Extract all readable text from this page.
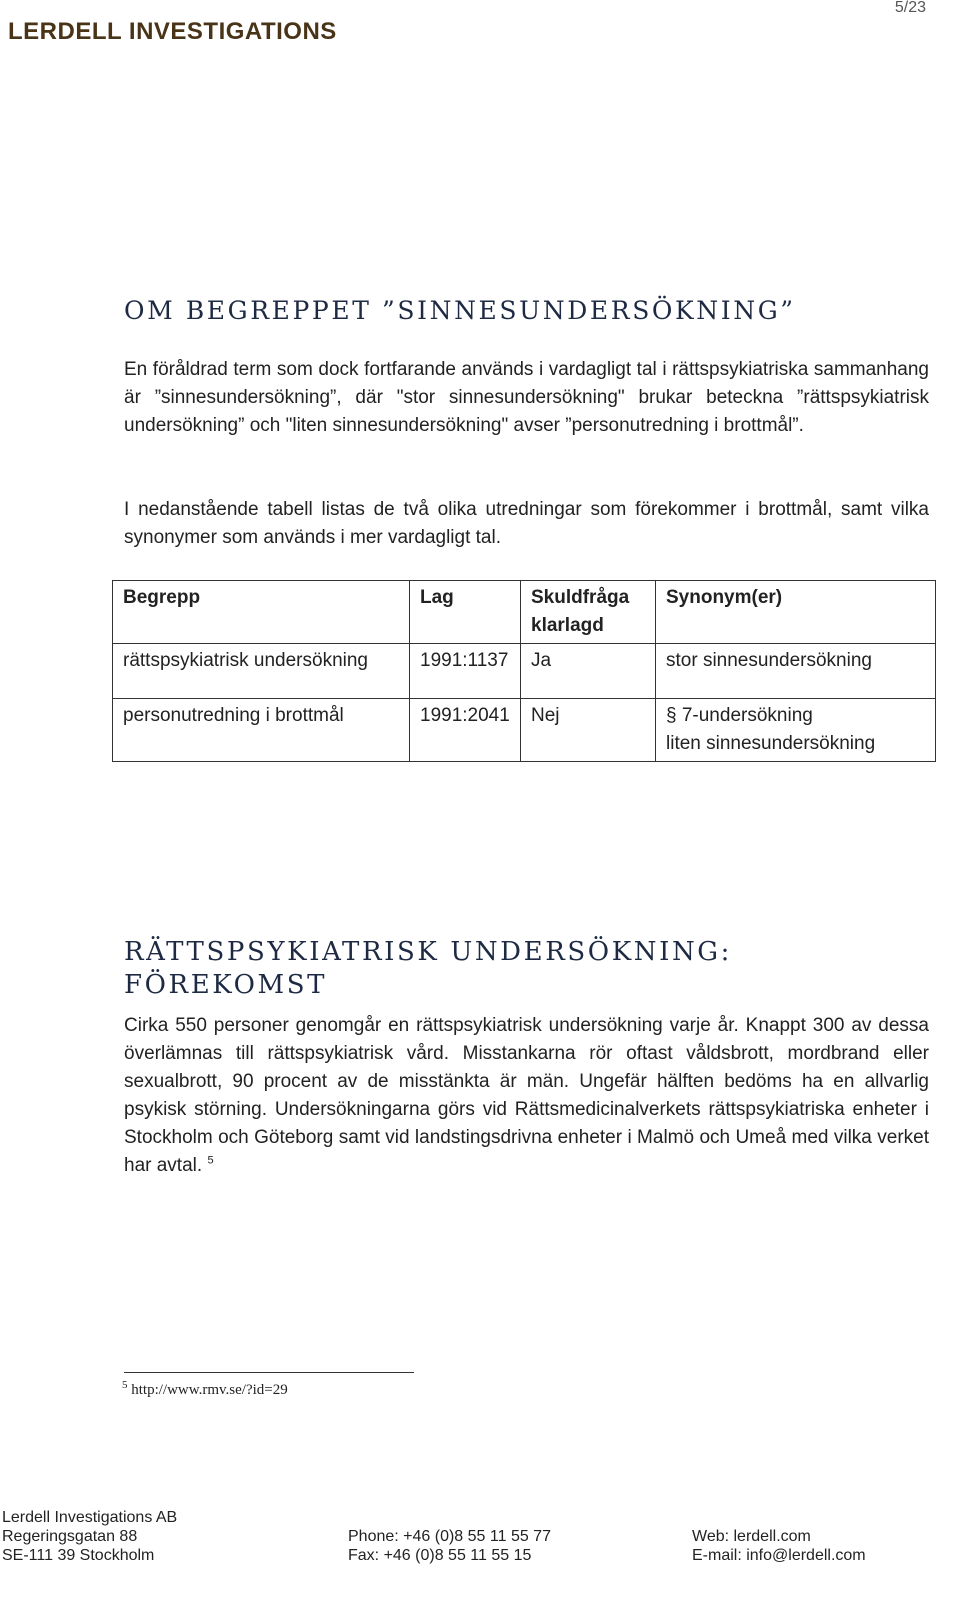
LERDELL INVESTIGATIONS
5/23
OM BEGREPPET ”SINNESUNDERSÖKNING”

En föråldrad term som dock fortfarande används i vardagligt tal i rättspsykiatriska sammanhang är ”sinnesundersökning”, där "stor sinnesundersökning" brukar beteckna ”rättspsykiatrisk undersökning” och "liten sinnesundersökning" avser ”personutredning i brottmål”.

I nedanstående tabell listas de två olika utredningar som förekommer i brottmål, samt vilka synonymer som används i mer vardagligt tal.

Begrepp	Lag	Skuldfråga klarlagd	Synonym(er)
rättspsykiatrisk undersökning	1991:1137	Ja	stor sinnesundersökning

personutredning i brottmål	1991:2041	Nej	§ 7-undersökning
liten sinnesundersökning
RÄTTSPSYKIATRISK UNDERSÖKNING: FÖREKOMST

Cirka 550 personer genomgår en rättspsykiatrisk undersökning varje år. Knappt 300 av dessa överlämnas till rättspsykiatrisk vård. Misstankarna rör oftast våldsbrott, mordbrand eller sexualbrott, 90 procent av de misstänkta är män. Ungefär hälften bedöms ha en allvarlig psykisk störning. Undersökningarna görs vid Rättsmedicinalverkets rättspsykiatriska enheter i Stockholm och Göteborg samt vid landstingsdrivna enheter i Malmö och Umeå med vilka verket har avtal. $^5$

$^5$ http://www.rmv.se/?id=29
Lerdell Investigations AB
Regeringsgatan 88
SE-111 39 Stockholm
Phone: +46 (0)8 55 11 55 77
Fax: +46 (0)8 55 11 55 15
Web: lerdell.com
E-mail: info@lerdell.com
